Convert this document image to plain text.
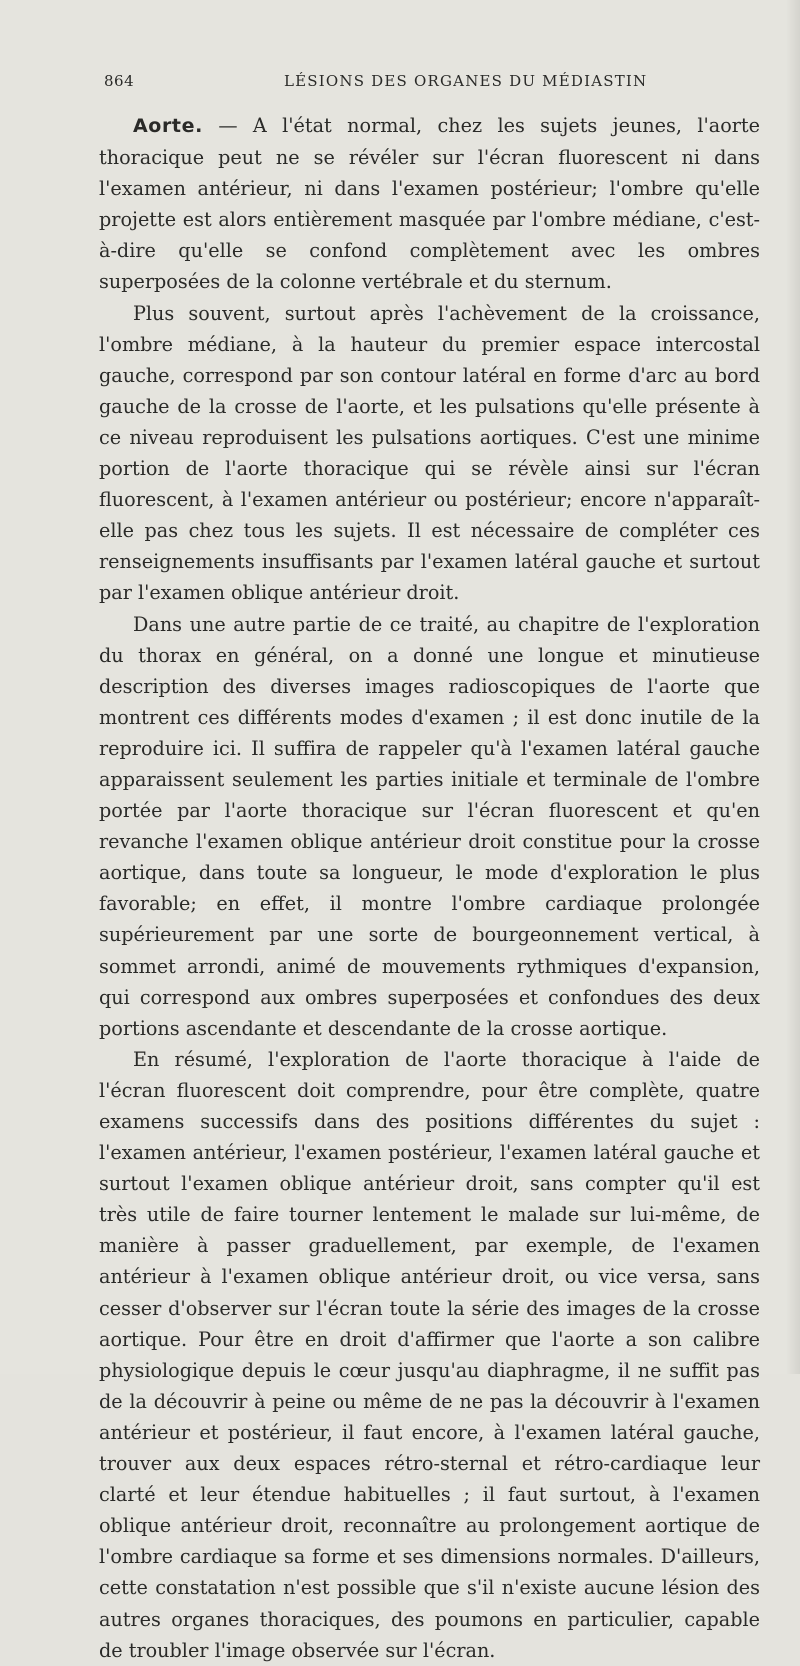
864	LÉSIONS DES ORGANES DU MÉDIASTIN

Aorte. — A l'état normal, chez les sujets jeunes, l'aorte thoracique peut ne se révéler sur l'écran fluorescent ni dans l'examen antérieur, ni dans l'examen postérieur; l'ombre qu'elle projette est alors entièrement masquée par l'ombre médiane, c'est-à-dire qu'elle se confond complètement avec les ombres superposées de la colonne vertébrale et du sternum.

Plus souvent, surtout après l'achèvement de la croissance, l'ombre médiane, à la hauteur du premier espace intercostal gauche, correspond par son contour latéral en forme d'arc au bord gauche de la crosse de l'aorte, et les pulsations qu'elle présente à ce niveau reproduisent les pulsations aortiques. C'est une minime portion de l'aorte thoracique qui se révèle ainsi sur l'écran fluorescent, à l'examen antérieur ou postérieur; encore n'apparaît-elle pas chez tous les sujets. Il est nécessaire de compléter ces renseignements insuffisants par l'examen latéral gauche et surtout par l'examen oblique antérieur droit.

Dans une autre partie de ce traité, au chapitre de l'exploration du thorax en général, on a donné une longue et minutieuse description des diverses images radioscopiques de l'aorte que montrent ces différents modes d'examen ; il est donc inutile de la reproduire ici. Il suffira de rappeler qu'à l'examen latéral gauche apparaissent seulement les parties initiale et terminale de l'ombre portée par l'aorte thoracique sur l'écran fluorescent et qu'en revanche l'examen oblique antérieur droit constitue pour la crosse aortique, dans toute sa longueur, le mode d'exploration le plus favorable; en effet, il montre l'ombre cardiaque prolongée supérieurement par une sorte de bourgeonnement vertical, à sommet arrondi, animé de mouvements rythmiques d'expansion, qui correspond aux ombres superposées et confondues des deux portions ascendante et descendante de la crosse aortique.

En résumé, l'exploration de l'aorte thoracique à l'aide de l'écran fluorescent doit comprendre, pour être complète, quatre examens successifs dans des positions différentes du sujet : l'examen antérieur, l'examen postérieur, l'examen latéral gauche et surtout l'examen oblique antérieur droit, sans compter qu'il est très utile de faire tourner lentement le malade sur lui-même, de manière à passer graduellement, par exemple, de l'examen antérieur à l'examen oblique antérieur droit, ou vice versa, sans cesser d'observer sur l'écran toute la série des images de la crosse aortique. Pour être en droit d'affirmer que l'aorte a son calibre physiologique depuis le cœur jusqu'au diaphragme, il ne suffit pas de la découvrir à peine ou même de ne pas la découvrir à l'examen antérieur et postérieur, il faut encore, à l'examen latéral gauche, trouver aux deux espaces rétro-sternal et rétro-cardiaque leur clarté et leur étendue habituelles ; il faut surtout, à l'examen oblique antérieur droit, reconnaître au prolongement aortique de l'ombre cardiaque sa forme et ses dimensions normales. D'ailleurs, cette constatation n'est possible que s'il n'existe aucune lésion des autres organes thoraciques, des poumons en particulier, capable de troubler l'image observée sur l'écran.
